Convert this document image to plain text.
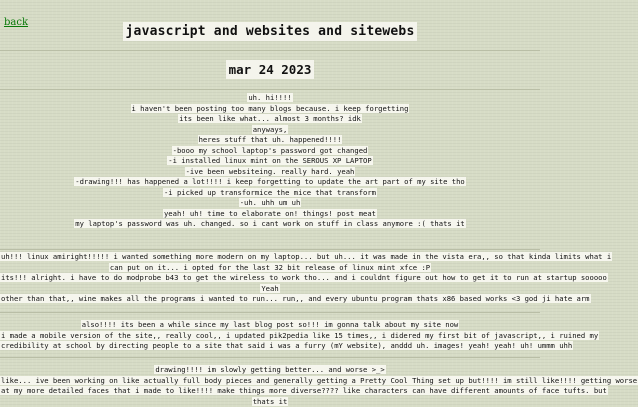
back
javascript and websites and sitewebs
mar 24 2023
uh. hi!!!!
i haven't been posting too many blogs because. i keep forgetting
its been like what... almost 3 months? idk
anyways,
heres stuff that uh. happened!!!!
-booo my school laptop's password got changed
-i installed linux mint on the SEROUS XP LAPTOP
-ive been websiteing. really hard. yeah
-drawing!!! has happened a lot!!!! i keep forgetting to update the art part of my site tho
-i picked up transformice the mice that transform
-uh. uhh um uh
yeah! uh! time to elaborate on! things! post meat
my laptop's password was uh. changed. so i cant work on stuff in class anymore :( thats it
uh!!! linux amiright!!!!! i wanted something more modern on my laptop... but uh... it was made in the vista era,, so that kinda limits what i
can put on it... i opted for the last 32 bit release of linux mint xfce :P
its!!! alright. i have to do modprobe b43 to get the wireless to work tho... and i couldnt figure out how to get it to run at startup sooooo
Yeah
other than that,, wine makes all the programs i wanted to run... run,, and every ubuntu program thats x86 based works <3 god ji hate arm
also!!!! its been a while since my last blog post so!!! im gonna talk about my site now
i made a mobile version of the site,, really cool,, i updated pik2pedia like 15 times,, i didered my first bit of javascript,, i ruined my
credibility at school by directing people to a site that said i was a furry (mY website), anddd uh. images! yeah! yeah! uh! ummm uhh
drawing!!!! im slowly getting better... and worse >_>
like... ive been working on like actually full body pieces and generally getting a Pretty Cool Thing set up but!!!! im still like!!!! getting worse
at my more detailed faces that i made to like!!!! make things more diverse???? like characters can have different amounts of face tufts. but
thats it
